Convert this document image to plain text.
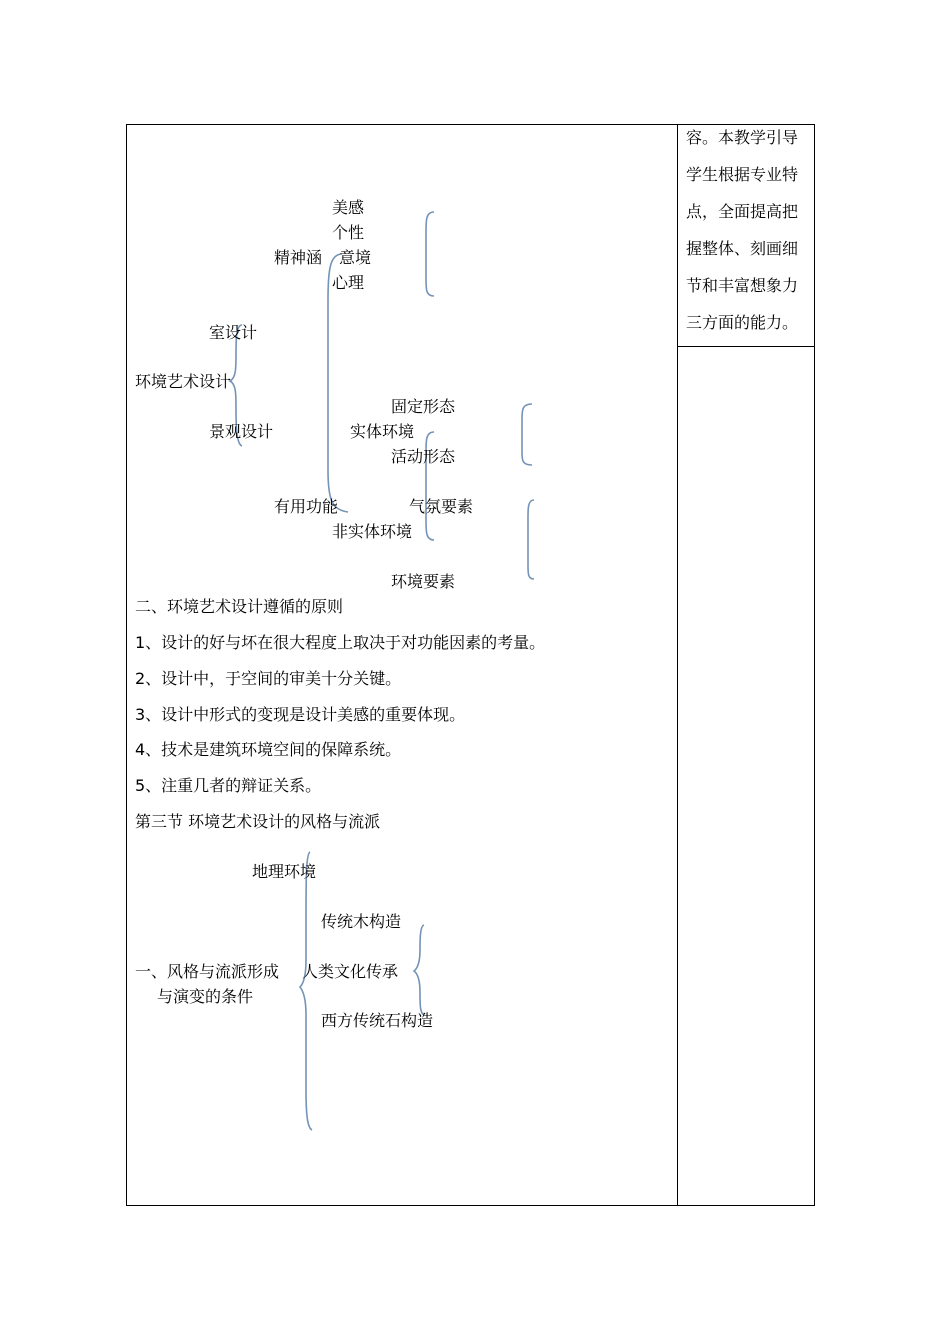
容。本教学引导
学生根据专业特
点，全面提高把
握整体、刻画细
节和丰富想象力
三方面的能力。
美感
个性
精神涵 意境
心理
室设计
环境艺术设计
固定形态
景观设计	实体环境
活动形态
有用功能	气氛要素
非实体环境
环境要素
二、环境艺术设计遵循的原则
1、设计的好与坏在很大程度上取决于对功能因素的考量。
2、设计中，于空间的审美十分关键。
3、设计中形式的变现是设计美感的重要体现。
4、技术是建筑环境空间的保障系统。
5、注重几者的辩证关系。
第三节 环境艺术设计的风格与流派
地理环境
传统木构造
一、风格与流派形成 人类文化传承
与演变的条件
西方传统石构造
